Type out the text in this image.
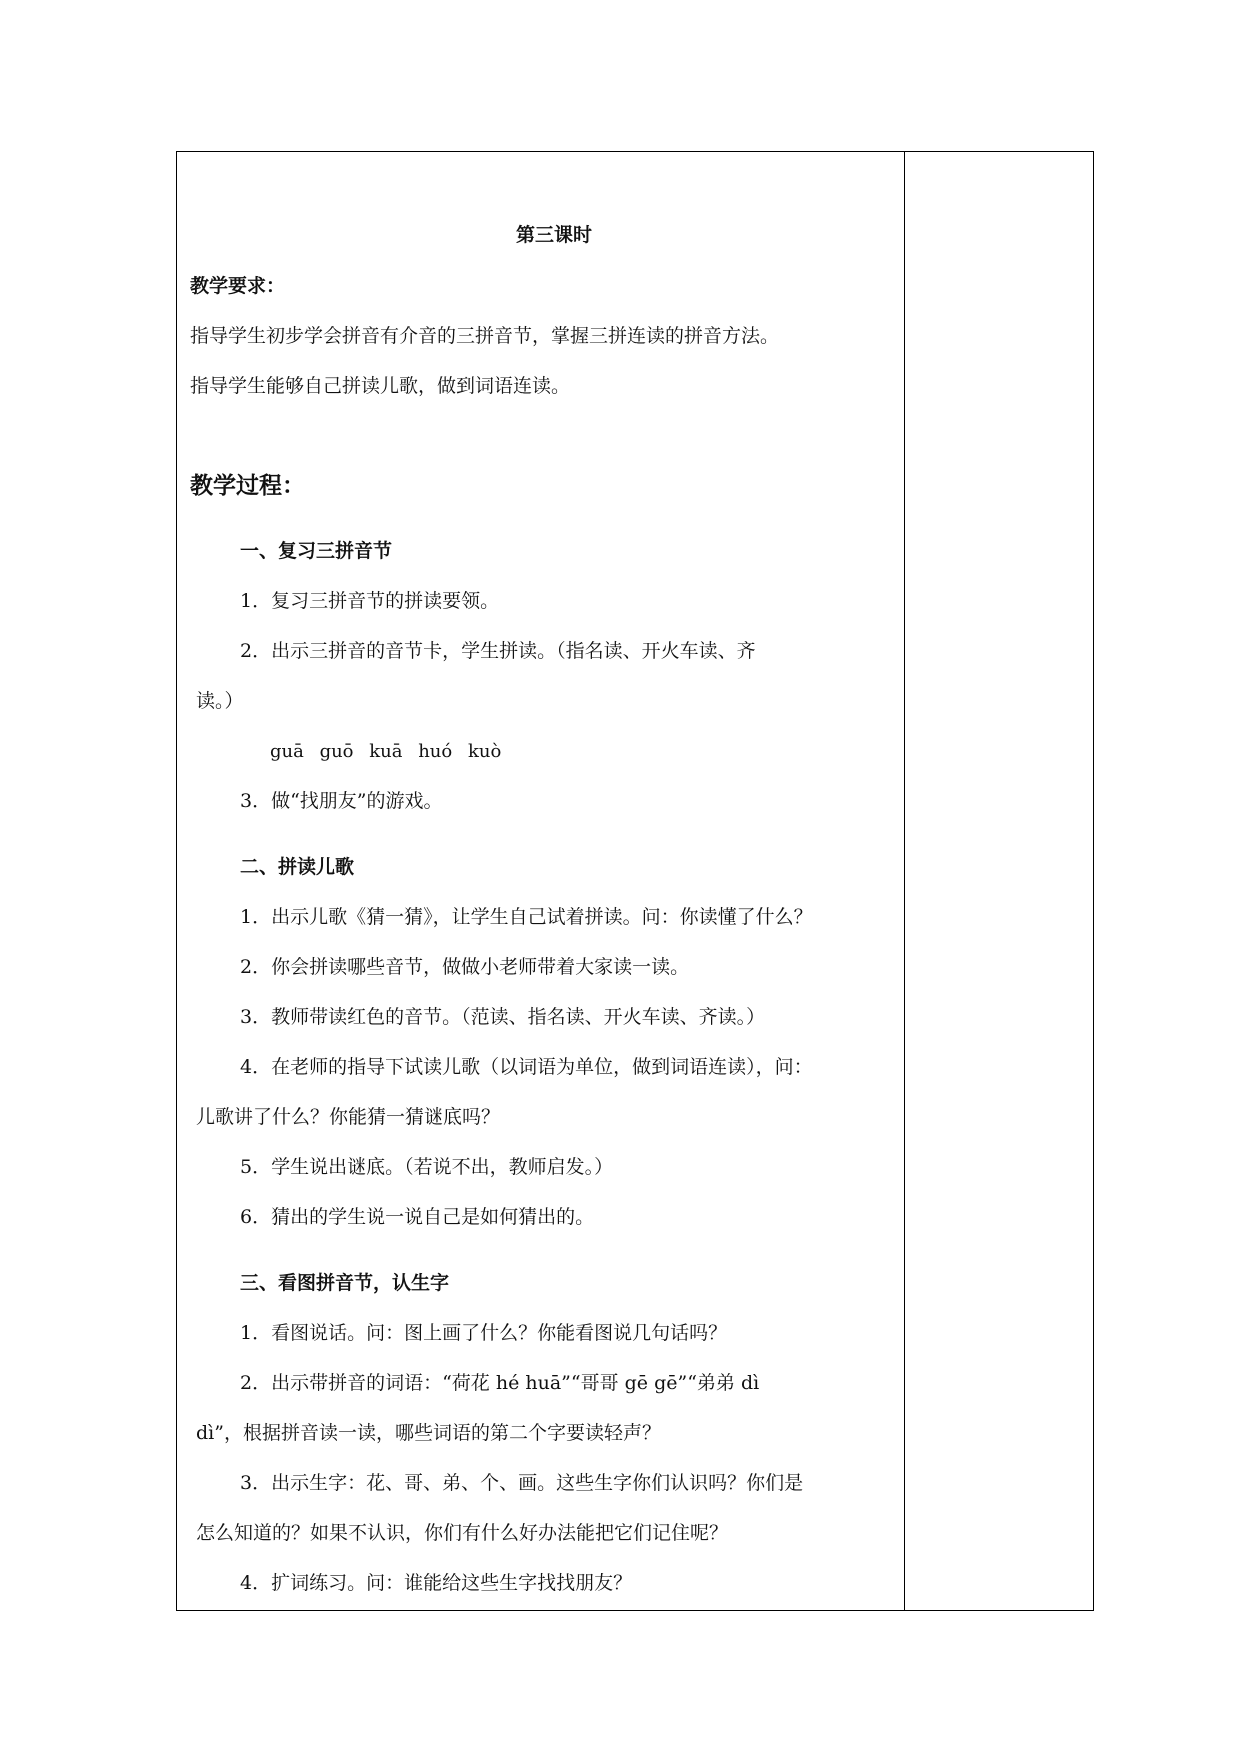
第三课时
教学要求：
指导学生初步学会拼音有介音的三拼音节，掌握三拼连读的拼音方法。
指导学生能够自己拼读儿歌，做到词语连读。
教学过程：
一、复习三拼音节
1．复习三拼音节的拼读要领。
2．出示三拼音的音节卡，学生拼读。（指名读、开火车读、齐
读。）
guā guō kuā huó kuò
3．做“找朋友”的游戏。
二、拼读儿歌
1．出示儿歌《猜一猜》，让学生自己试着拼读。问：你读懂了什么？
2．你会拼读哪些音节，做做小老师带着大家读一读。
3．教师带读红色的音节。（范读、指名读、开火车读、齐读。）
4．在老师的指导下试读儿歌（以词语为单位，做到词语连读），问：
儿歌讲了什么？你能猜一猜谜底吗？
5．学生说出谜底。（若说不出，教师启发。）
6．猜出的学生说一说自己是如何猜出的。
三、看图拼音节，认生字
1．看图说话。问：图上画了什么？你能看图说几句话吗？
2．出示带拼音的词语：“荷花 hé huā”“哥哥 gē gē”“弟弟 dì
dì”，根据拼音读一读，哪些词语的第二个字要读轻声？
3．出示生字：花、哥、弟、个、画。这些生字你们认识吗？你们是
怎么知道的？如果不认识，你们有什么好办法能把它们记住呢？
4．扩词练习。问：谁能给这些生字找找朋友？
